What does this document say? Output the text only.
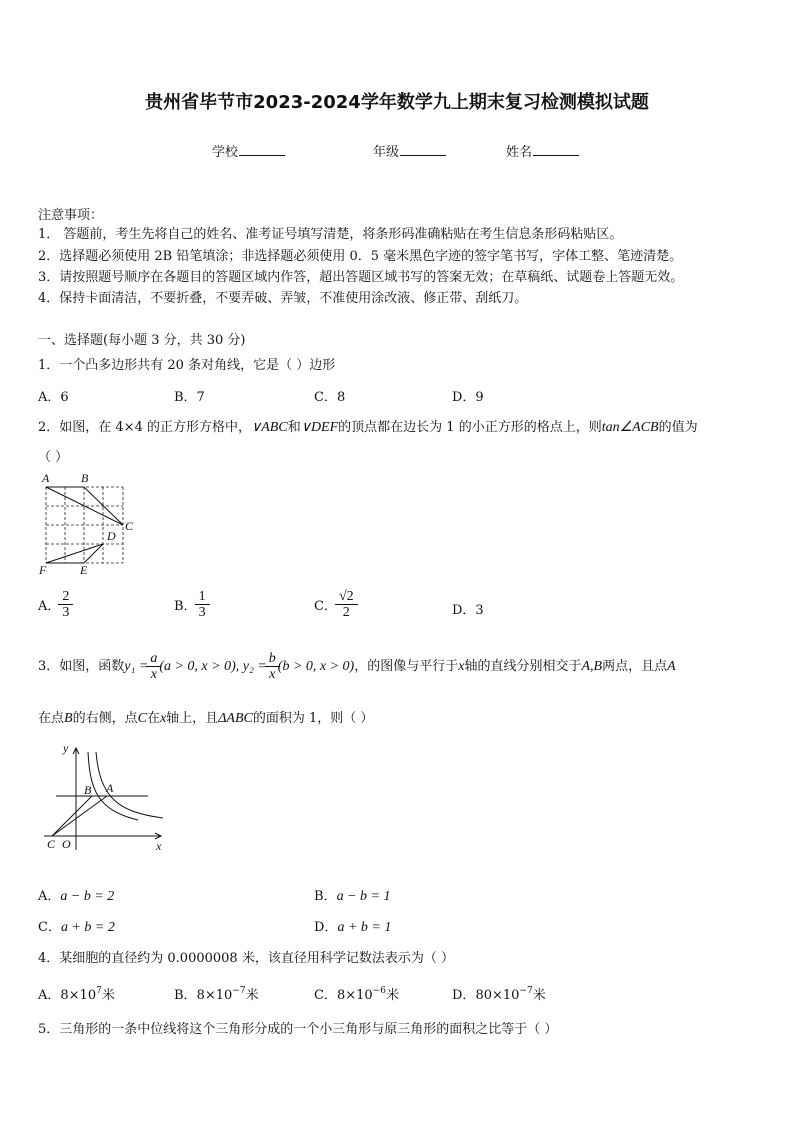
贵州省毕节市2023-2024学年数学九上期末复习检测模拟试题
学校	年级	姓名
注意事项：
1． 答题前，考生先将自己的姓名、准考证号填写清楚，将条形码准确粘贴在考生信息条形码粘贴区。
2．选择题必须使用 2B 铅笔填涂；非选择题必须使用 0．5 毫米黑色字迹的签字笔书写，字体工整、笔迹清楚。
3．请按照题号顺序在各题目的答题区域内作答，超出答题区域书写的答案无效；在草稿纸、试题卷上答题无效。
4．保持卡面清洁，不要折叠，不要弄破、弄皱，不准使用涂改液、修正带、刮纸刀。
一、选择题(每小题 3 分，共 30 分)
1．一个凸多边形共有 20 条对角线，它是（ ）边形
A．6	B．7	C．8	D．9
2．如图，在 4×4 的正方形方格中，∨ABC和∨DEF的顶点都在边长为 1 的小正方形的格点上，则tan∠ACB的值为
（ ）
A	B
C
D
E
F
A． $\frac{2}{3}$	B． $\frac{1}{3}$	C． $\frac{√2}{2}$	D．3
3．如图，函数$y_1 = \frac{a}{x} (a > 0$, x > 0), $y_2 = \frac{b}{x} (b > 0$, x > 0)，的图像与平行于x轴的直线分别相交于A,B两点，且点A
在点B的右侧，点C在x轴上，且ΔABC的面积为 1，则（ ）
y
x
B A
C O
A．a − b = 2	B．a − b = 1
C．a + b = 2	D．a + b = 1
4．某细胞的直径约为 0.0000008 米，该直径用科学记数法表示为（ ）
A．$8\times 10^7$米	B．$8\times 10^{-7}$米	C．$8\times 10^{-6}$米	D．$80\times 10^{-7}$米
5．三角形的一条中位线将这个三角形分成的一个小三角形与原三角形的面积之比等于（ ）
